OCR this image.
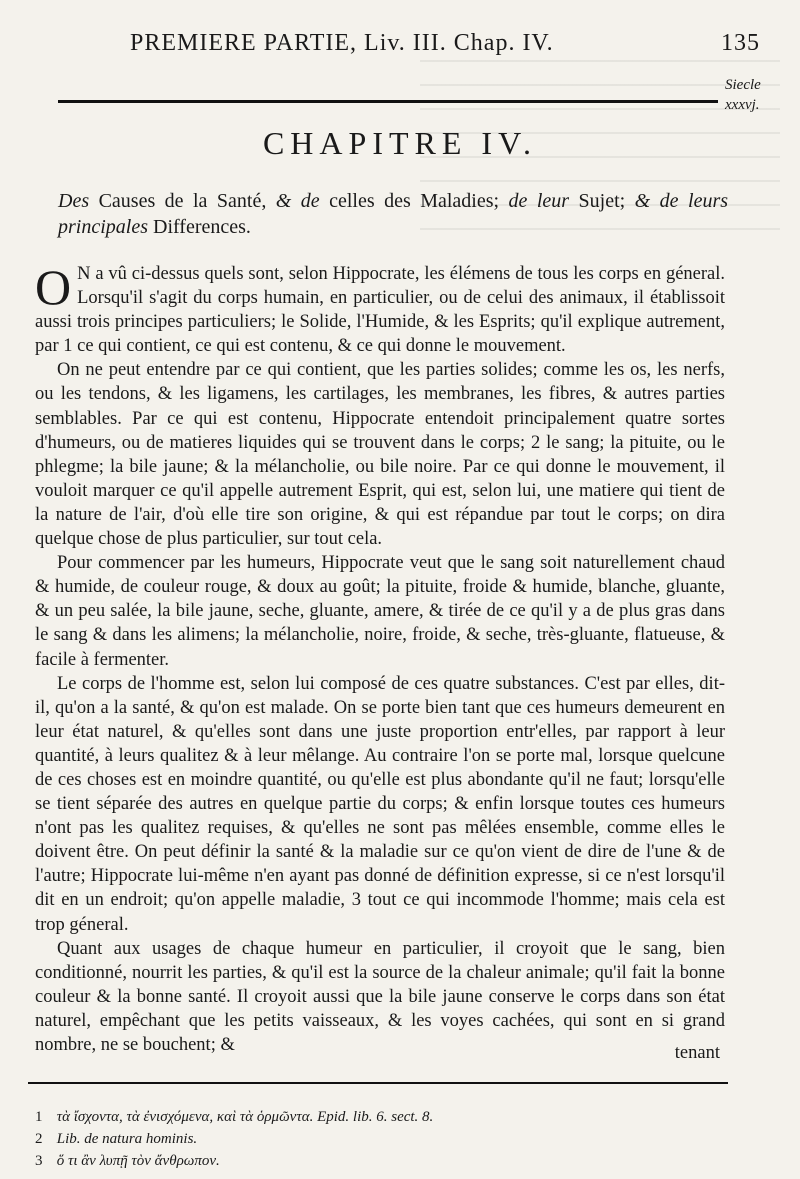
PREMIERE PARTIE, Liv. III. Chap. IV.	135
Siecle
xxxvj.
CHAPITRE IV.
Des Causes de la Santé, & de celles des Maladies; de leur Sujet; & de leurs principales Differences.

O N a vû ci-dessus quels sont, selon Hippocrate, les élémens de tous les corps en géneral. Lorsqu'il s'agit du corps humain, en particulier, ou de celui des animaux, il établissoit aussi trois principes particuliers; le Solide, l'Humide, & les Esprits; qu'il explique autrement, par 1 ce qui contient, ce qui est contenu, & ce qui donne le mouvement.

On ne peut entendre par ce qui contient, que les parties solides; comme les os, les nerfs, ou les tendons, & les ligamens, les cartilages, les membranes, les fibres, & autres parties semblables. Par ce qui est contenu, Hippocrate entendoit principalement quatre sortes d'humeurs, ou de matieres liquides qui se trouvent dans le corps; 2 le sang; la pituite, ou le phlegme; la bile jaune; & la mélancholie, ou bile noire. Par ce qui donne le mouvement, il vouloit marquer ce qu'il appelle autrement Esprit, qui est, selon lui, une matiere qui tient de la nature de l'air, d'où elle tire son origine, & qui est répandue par tout le corps; on dira quelque chose de plus particulier, sur tout cela.

Pour commencer par les humeurs, Hippocrate veut que le sang soit naturellement chaud & humide, de couleur rouge, & doux au goût; la pituite, froide & humide, blanche, gluante, & un peu salée, la bile jaune, seche, gluante, amere, & tirée de ce qu'il y a de plus gras dans le sang & dans les alimens; la mélancholie, noire, froide, & seche, très-gluante, flatueuse, & facile à fermenter.

Le corps de l'homme est, selon lui composé de ces quatre substances. C'est par elles, dit-il, qu'on a la santé, & qu'on est malade. On se porte bien tant que ces humeurs demeurent en leur état naturel, & qu'elles sont dans une juste proportion entr'elles, par rapport à leur quantité, à leurs qualitez & à leur mêlange. Au contraire l'on se porte mal, lorsque quelcune de ces choses est en moindre quantité, ou qu'elle est plus abondante qu'il ne faut; lorsqu'elle se tient séparée des autres en quelque partie du corps; & enfin lorsque toutes ces humeurs n'ont pas les qualitez requises, & qu'elles ne sont pas mêlées ensemble, comme elles le doivent être. On peut définir la santé & la maladie sur ce qu'on vient de dire de l'une & de l'autre; Hippocrate lui-même n'en ayant pas donné de définition expresse, si ce n'est lorsqu'il dit en un endroit; qu'on appelle maladie, 3 tout ce qui incommode l'homme; mais cela est trop géneral.

Quant aux usages de chaque humeur en particulier, il croyoit que le sang, bien conditionné, nourrit les parties, & qu'il est la source de la chaleur animale; qu'il fait la bonne couleur & la bonne santé. Il croyoit aussi que la bile jaune conserve le corps dans son état naturel, empêchant que les petits vaisseaux, & les voyes cachées, qui sont en si grand nombre, ne se bouchent; &	tenant
1 τὰ ἴσχοντα, τὰ ἐνισχόμενα, καὶ τὰ ὁρμῶντα. Epid. lib. 6. sect. 8.
2 Lib. de natura hominis.
3 ὅ τι ἂν λυπῇ τὸν ἄνθρωπον.
